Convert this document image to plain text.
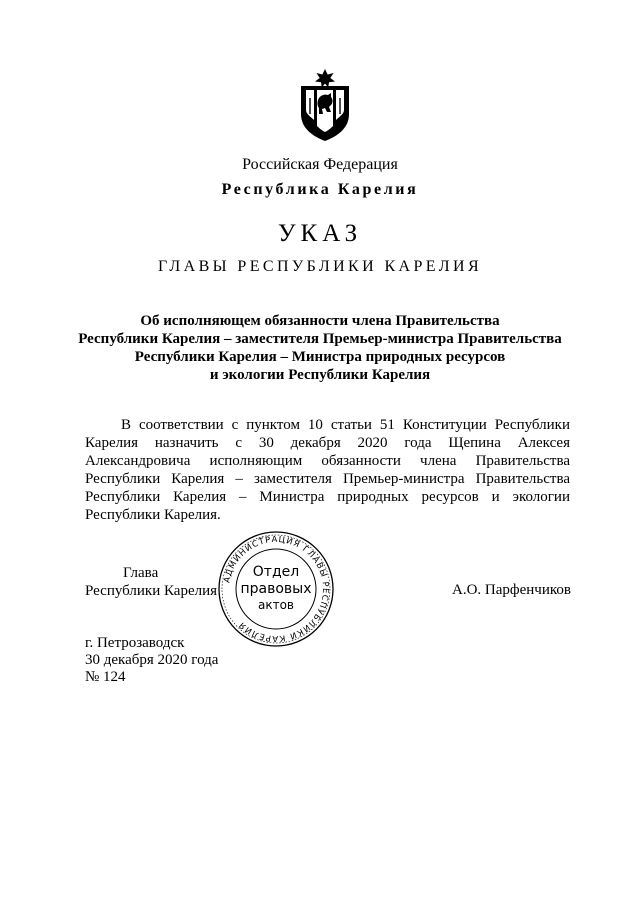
Российская Федерация
Республика Карелия
УКАЗ
ГЛАВЫ РЕСПУБЛИКИ КАРЕЛИЯ
Об исполняющем обязанности члена Правительства
Республики Карелия – заместителя Премьер-министра Правительства
Республики Карелия – Министра природных ресурсов
и экологии Республики Карелия
В соответствии с пунктом 10 статьи 51 Конституции Республики
Карелия назначить с 30 декабря 2020 года Щепина Алексея
Александровича исполняющим обязанности члена Правительства
Республики Карелия – заместителя Премьер-министра Правительства
Республики Карелия – Министра природных ресурсов и экологии
Республики Карелия.
Глава
Республики Карелия
АДМИНИСТРАЦИЯ ГЛАВЫ РЕСПУБЛИКИ КАРЕЛИЯ
Отдел
правовых
актов
А.О. Парфенчиков
г. Петрозаводск
30 декабря 2020 года
№ 124
